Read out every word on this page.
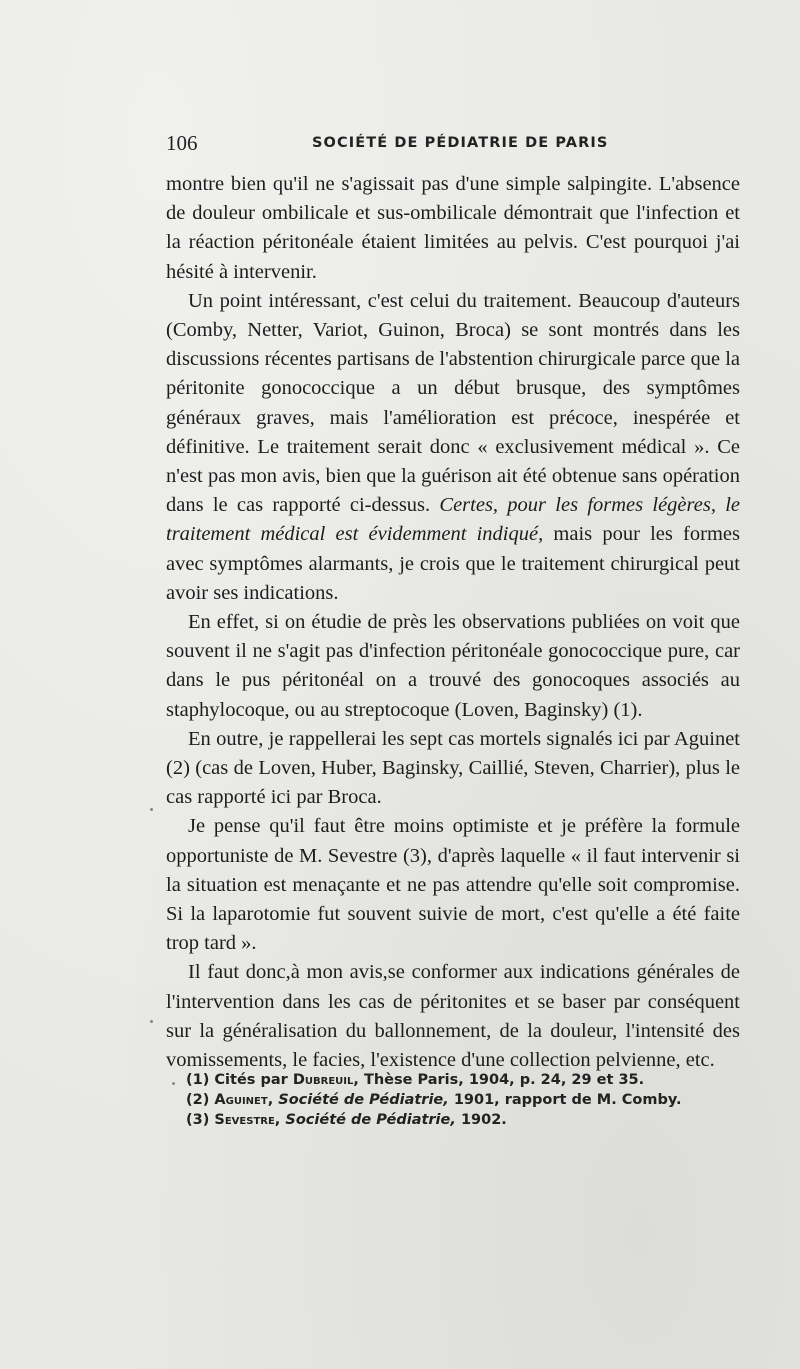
106	SOCIÉTÉ DE PÉDIATRIE DE PARIS

montre bien qu'il ne s'agissait pas d'une simple salpingite. L'absence de douleur ombilicale et sus-ombilicale démontrait que l'infection et la réaction péritonéale étaient limitées au pelvis. C'est pourquoi j'ai hésité à intervenir.

Un point intéressant, c'est celui du traitement. Beaucoup d'auteurs (Comby, Netter, Variot, Guinon, Broca) se sont montrés dans les discussions récentes partisans de l'abstention chirurgicale parce que la péritonite gonococcique a un début brusque, des symptômes généraux graves, mais l'amélioration est précoce, inespérée et définitive. Le traitement serait donc « exclusivement médical ». Ce n'est pas mon avis, bien que la guérison ait été obtenue sans opération dans le cas rapporté ci-dessus. Certes, pour les formes légères, le traitement médical est évidemment indiqué, mais pour les formes avec symptômes alarmants, je crois que le traitement chirurgical peut avoir ses indications.

En effet, si on étudie de près les observations publiées on voit que souvent il ne s'agit pas d'infection péritonéale gonococcique pure, car dans le pus péritonéal on a trouvé des gonocoques associés au staphylocoque, ou au streptocoque (Loven, Baginsky) (1).

En outre, je rappellerai les sept cas mortels signalés ici par Aguinet (2) (cas de Loven, Huber, Baginsky, Caillié, Steven, Charrier), plus le cas rapporté ici par Broca.

Je pense qu'il faut être moins optimiste et je préfère la formule opportuniste de M. Sevestre (3), d'après laquelle « il faut intervenir si la situation est menaçante et ne pas attendre qu'elle soit compromise. Si la laparotomie fut souvent suivie de mort, c'est qu'elle a été faite trop tard ».

Il faut donc,à mon avis,se conformer aux indications générales de l'intervention dans les cas de péritonites et se baser par conséquent sur la généralisation du ballonnement, de la douleur, l'intensité des vomissements, le facies, l'existence d'une collection pelvienne, etc.

(1) Cités par Dubreuil, Thèse Paris, 1904, p. 24, 29 et 35.
(2) Aguinet, Société de Pédiatrie, 1901, rapport de M. Comby.
(3) Sevestre, Société de Pédiatrie, 1902.
